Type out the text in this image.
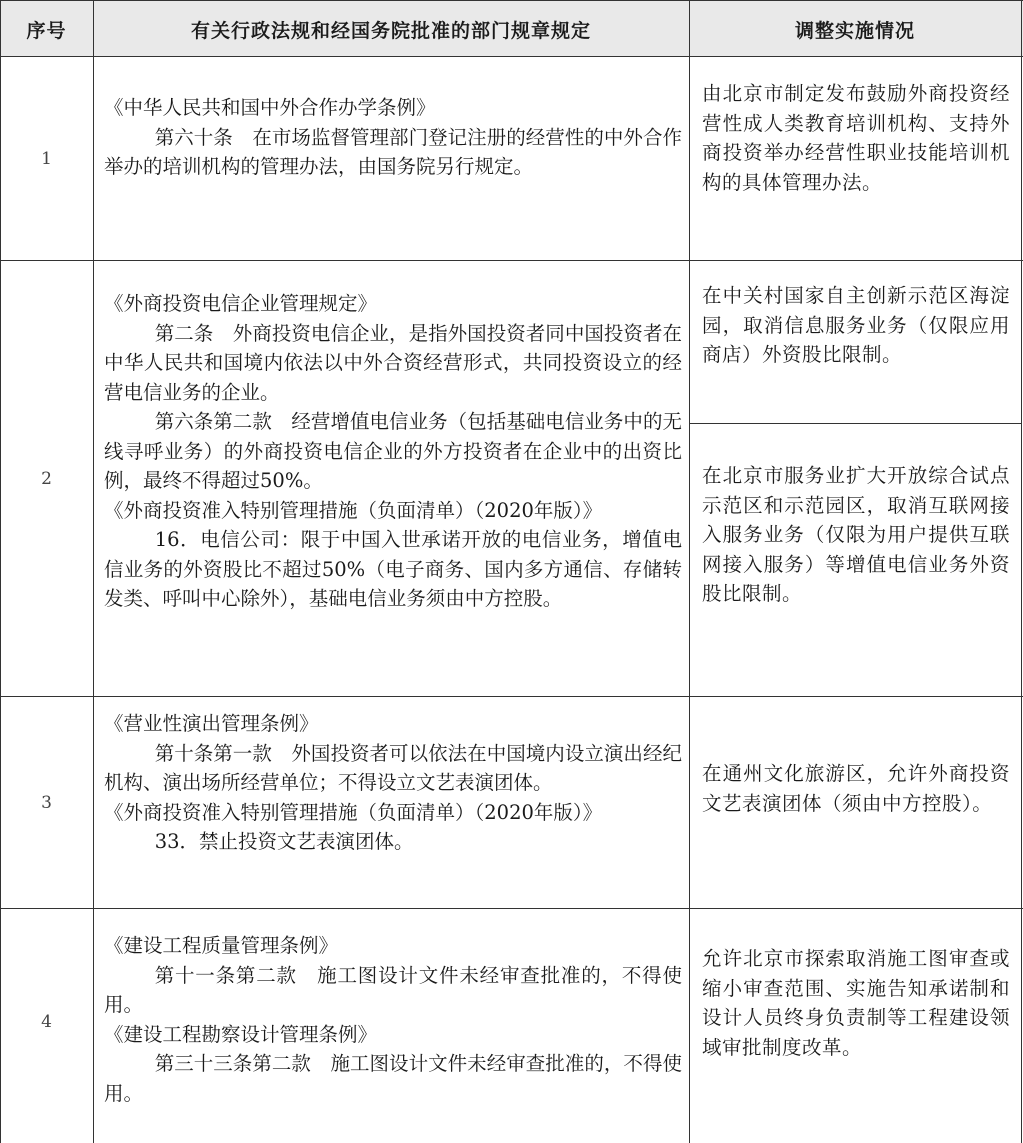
序号	有关行政法规和经国务院批准的部门规章规定	调整实施情况
1

《中华人民共和国中外合作办学条例》

第六十条　在市场监督管理部门登记注册的经营性的中外合作举办的培训机构的管理办法，由国务院另行规定。

由北京市制定发布鼓励外商投资经营性成人类教育培训机构、支持外商投资举办经营性职业技能培训机构的具体管理办法。
2

《外商投资电信企业管理规定》

第二条　外商投资电信企业，是指外国投资者同中国投资者在中华人民共和国境内依法以中外合资经营形式，共同投资设立的经营电信业务的企业。

第六条第二款　经营增值电信业务（包括基础电信业务中的无线寻呼业务）的外商投资电信企业的外方投资者在企业中的出资比例，最终不得超过50%。

《外商投资准入特别管理措施（负面清单）（2020年版）》

16．电信公司：限于中国入世承诺开放的电信业务，增值电信业务的外资股比不超过50%（电子商务、国内多方通信、存储转发类、呼叫中心除外），基础电信业务须由中方控股。

在中关村国家自主创新示范区海淀园，取消信息服务业务（仅限应用商店）外资股比限制。
在北京市服务业扩大开放综合试点示范区和示范园区，取消互联网接入服务业务（仅限为用户提供互联网接入服务）等增值电信业务外资股比限制。
3

《营业性演出管理条例》

第十条第一款　外国投资者可以依法在中国境内设立演出经纪机构、演出场所经营单位；不得设立文艺表演团体。

《外商投资准入特别管理措施（负面清单）（2020年版）》

33．禁止投资文艺表演团体。

在通州文化旅游区，允许外商投资文艺表演团体（须由中方控股）。
4

《建设工程质量管理条例》

第十一条第二款　施工图设计文件未经审查批准的，不得使用。

《建设工程勘察设计管理条例》

第三十三条第二款　施工图设计文件未经审查批准的，不得使用。

允许北京市探索取消施工图审查或缩小审查范围、实施告知承诺制和设计人员终身负责制等工程建设领域审批制度改革。
